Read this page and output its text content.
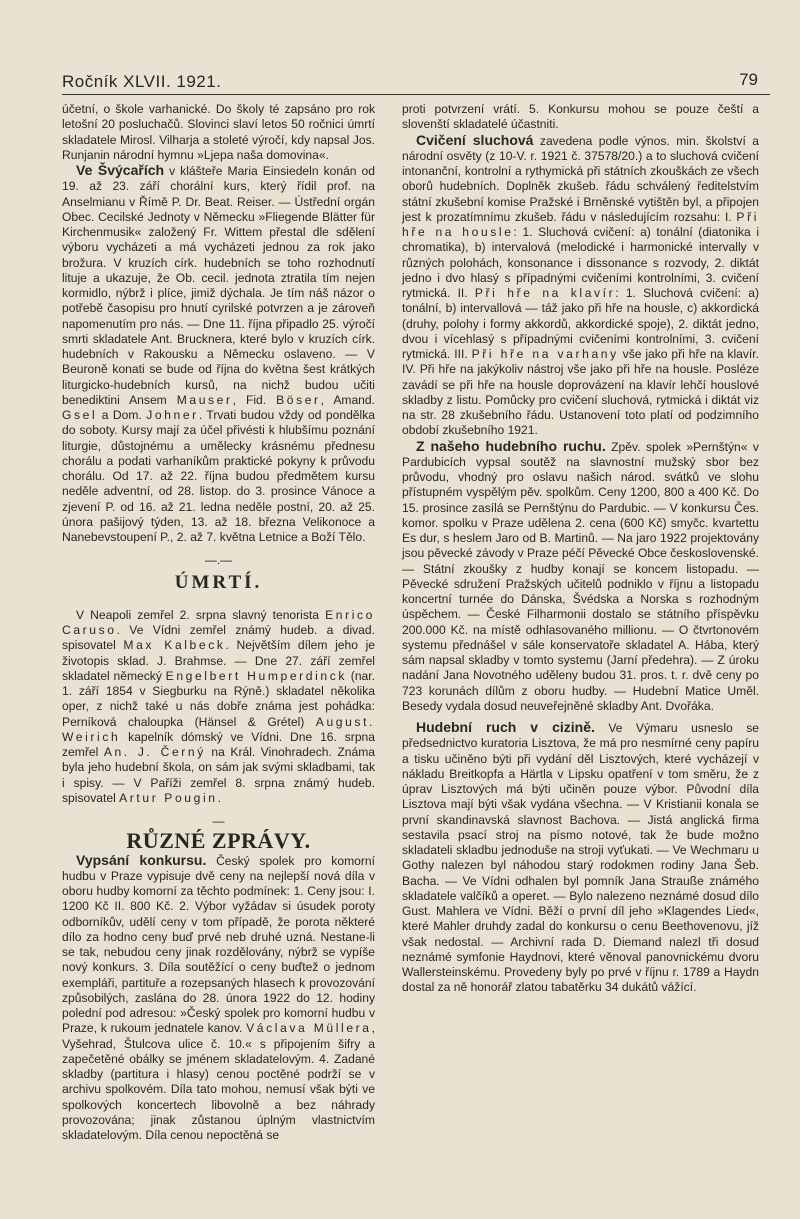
Ročník XLVII. 1921.	79

účetní, o škole varhanické. Do školy té zapsáno pro rok letošní 20 posluchačů. Slovinci slaví letos 50 ročnici úmrtí skladatele Mirosl. Vilharja a stoleté výročí, kdy napsal Jos. Runjanin národní hymnu »Ljepa naša domovina«.

Ve Švýcařích v klášteře Maria Einsiedeln konán od 19. až 23. září chorální kurs, který řídil prof. na Anselmianu v Římě P. Dr. Beat. Reiser. — Ústřední orgán Obec. Cecilské Jednoty v Německu »Fliegende Blätter für Kirchenmusik« založený Fr. Wittem přestal dle sdělení výboru vycházeti a má vycházeti jednou za rok jako brožura. V kruzích círk. hudebních se toho rozhodnutí lituje a ukazuje, že Ob. cecil. jednota ztratila tím nejen kormidlo, nýbrž i plíce, jimiž dýchala. Je tím náš názor o potřebě časopisu pro hnutí cyrilské potvrzen a je zároveň napomenutím pro nás. — Dne 11. října připadlo 25. výročí smrti skladatele Ant. Brucknera, které bylo v kruzích círk. hudebních v Rakousku a Německu oslaveno. — V Beuroně konati se bude od října do května šest krátkých liturgicko-hudebních kursů, na nichž budou učiti benediktini Ansem Mauser, Fid. Böser, Amand. Gsel a Dom. Johner. Trvati budou vždy od pondělka do soboty. Kursy mají za účel přivésti k hlubšímu poznání liturgie, důstojnému a umělecky krásnému přednesu chorálu a podati varhaníkům praktické pokyny k průvodu chorálu. Od 17. až 22. října budou předmětem kursu neděle adventní, od 28. listop. do 3. prosince Vánoce a zjevení P. od 16. až 21. ledna neděle postní, 20. až 25. února pašijový týden, 13. až 18. března Velikonoce a Nanebevstoupení P., 2. až 7. května Letnice a Boží Tělo.

—.—
ÚMRTÍ.

V Neapoli zemřel 2. srpna slavný tenorista Enrico Caruso. Ve Vídni zemřel známý hudeb. a divad. spisovatel Max Kalbeck. Největším dílem jeho je životopis sklad. J. Brahmse. — Dne 27. září zemřel skladatel německý Engelbert Humperdinck (nar. 1. září 1854 v Siegburku na Rýně.) skladatel několika oper, z nichž také u nás dobře známa jest pohádka: Perníková chaloupka (Hänsel & Grétel) August. Weirich kapelník dómský ve Vídni. Dne 16. srpna zemřel An. J. Černý na Král. Vinohradech. Známa byla jeho hudební škola, on sám jak svými skladbami, tak i spisy. — V Paříži zemřel 8. srpna známý hudeb. spisovatel Artur Pougin.

—
RŮZNÉ ZPRÁVY.

Vypsání konkursu. Český spolek pro komorní hudbu v Praze vypisuje dvě ceny na nejlepší nová díla v oboru hudby komorní za těchto podmínek: 1. Ceny jsou: I. 1200 Kč II. 800 Kč. 2. Výbor vyžádav si úsudek poroty odborníkův, udělí ceny v tom případě, že porota některé dílo za hodno ceny buď prvé neb druhé uzná. Nestane-li se tak, nebudou ceny jinak rozdělovány, nýbrž se vypíše nový konkurs. 3. Díla soutěžící o ceny buďtež o jednom exempláři, partituře a rozepsaných hlasech k provozování způsobilých, zaslána do 28. února 1922 do 12. hodiny polední pod adresou: »Český spolek pro komorní hudbu v Praze, k rukoum jednatele kanov. Václava Müllera, Vyšehrad, Štulcova ulice č. 10.« s připojením šifry a zapečetěné obálky se jménem skladatelovým. 4. Zadané skladby (partitura i hlasy) cenou poctěné podrží se v archivu spolkovém. Díla tato mohou, nemusí však býti ve spolkových koncertech libovolně a bez náhrady provozována; jinak zůstanou úplným vlastnictvím skladatelovým. Díla cenou nepoctěná se

proti potvrzení vrátí. 5. Konkursu mohou se pouze čeští a slovenští skladatelé účastniti.

Cvičení sluchová zavedena podle výnos. min. školství a národní osvěty (z 10-V. r. 1921 č. 37578/20.) a to sluchová cvičení intonanční, kontrolní a rythymická při státních zkouškách ze všech oborů hudebních. Doplněk zkušeb. řádu schválený ředitelstvím státní zkušební komise Pražské i Brněnské vytištěn byl, a připojen jest k prozatímnímu zkušeb. řádu v následujícím rozsahu: I. Při hře na housle: 1. Sluchová cvičení: a) tonální (diatonika i chromatika), b) intervalová (melodické i harmonické intervally v různých polohách, konsonance i dissonance s rozvody, 2. diktát jedno i dvo hlasý s případnými cvičeními kontrolními, 3. cvičení rytmická. II. Při hře na klavír: 1. Sluchová cvičení: a) tonální, b) intervallová — táž jako při hře na housle, c) akkordická (druhy, polohy i formy akkordů, akkordické spoje), 2. diktát jedno, dvou i vícehlasý s případnými cvičeními kontrolními, 3. cvičení rytmická. III. Při hře na varhany vše jako při hře na klavír. IV. Při hře na jakýkoliv nástroj vše jako při hře na housle. Posléze zavádí se při hře na housle doprovázení na klavír lehčí houslové skladby z listu. Pomůcky pro cvičení sluchová, rytmická i diktát viz na str. 28 zkušebního řádu. Ustanovení toto platí od podzimního období zkušebního 1921.

Z našeho hudebního ruchu. Zpěv. spolek »Pernštýn« v Pardubicích vypsal soutěž na slavnostní mužský sbor bez průvodu, vhodný pro oslavu našich národ. svátků ve slohu přístupném vyspělým pěv. spolkům. Ceny 1200, 800 a 400 Kč. Do 15. prosince zasílá se Pernštýnu do Pardubic. — V konkursu Čes. komor. spolku v Praze udělena 2. cena (600 Kč) smyčc. kvartettu Es dur, s heslem Jaro od B. Martinů. — Na jaro 1922 projektovány jsou pěvecké závody v Praze péčí Pěvecké Obce československé. — Státní zkoušky z hudby konají se koncem listopadu. — Pěvecké sdružení Pražských učitelů podniklo v říjnu a listopadu koncertní turnée do Dánska, Švédska a Norska s rozhodným úspěchem. — České Filharmonii dostalo se státního příspěvku 200.000 Kč. na místě odhlasovaného millionu. — O čtvrtonovém systemu přednášel v sále konservatoře skladatel A. Hába, který sám napsal skladby v tomto systemu (Jarní předehra). — Z úroku nadání Jana Novotného uděleny budou 31. pros. t. r. dvě ceny po 723 korunách dílům z oboru hudby. — Hudební Matice Uměl. Besedy vydala dosud neuveřejněné skladby Ant. Dvořáka.

Hudební ruch v cizině. Ve Výmaru usneslo se předsednictvo kuratoria Lisztova, že má pro nesmírné ceny papíru a tisku učiněno býti při vydání děl Lisztových, které vycházejí v nákladu Breitkopfa a Härtla v Lipsku opatření v tom směru, že z úprav Lisztových má býti učiněn pouze výbor. Původní díla Lisztova mají býti však vydána všechna. — V Kristianii konala se první skandinavská slavnost Bachova. — Jistá anglická firma sestavila psací stroj na písmo notové, tak že bude možno skladateli skladbu jednoduše na stroji vyťukati. — Ve Wechmaru u Gothy nalezen byl náhodou starý rodokmen rodiny Jana Šeb. Bacha. — Ve Vídni odhalen byl pomník Jana Strauße známého skladatele valčíků a operet. — Bylo nalezeno neznámé dosud dílo Gust. Mahlera ve Vídni. Běží o první díl jeho »Klagendes Lied«, které Mahler druhdy zadal do konkursu o cenu Beethovenovu, jíž však nedostal. — Archivní rada D. Diemand nalezl tři dosud neznámé symfonie Haydnovi, které věnoval panovnickému dvoru Wallersteinskému. Provedeny byly po prvé v říjnu r. 1789 a Haydn dostal za ně honorář zlatou tabatěrku 34 dukátů vážící.
